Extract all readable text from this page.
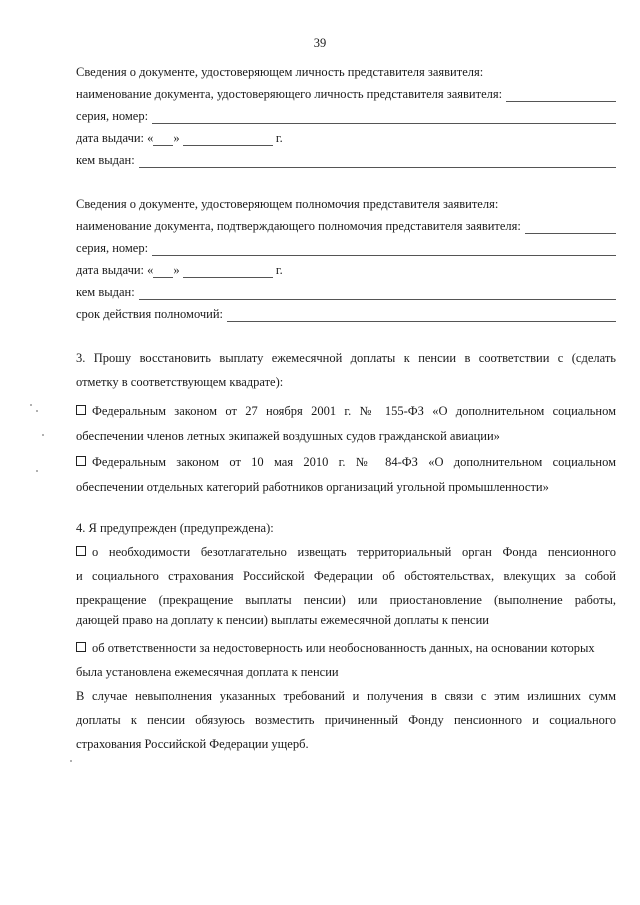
39
Сведения о документе, удостоверяющем личность представителя заявителя:
наименование документа, удостоверяющего личность представителя заявителя:
серия, номер:
дата выдачи: « »	г.
кем выдан:
Сведения о документе, удостоверяющем полномочия представителя заявителя:
наименование документа, подтверждающего полномочия представителя заявителя:
серия, номер:
дата выдачи: « »	г.
кем выдан:
срок действия полномочий:
3. Прошу восстановить выплату ежемесячной доплаты к пенсии в соответствии с (сделать
отметку в соответствующем квадрате):
Федеральным законом от 27 ноября 2001 г. № 155-ФЗ «О дополнительном социальном
обеспечении членов летных экипажей воздушных судов гражданской авиации»
Федеральным законом от 10 мая 2010 г. № 84-ФЗ «О дополнительном социальном
обеспечении отдельных категорий работников организаций угольной промышленности»
4. Я предупрежден (предупреждена):
о необходимости безотлагательно извещать территориальный орган Фонда пенсионного
и социального страхования Российской Федерации об обстоятельствах, влекущих за собой
прекращение (прекращение выплаты пенсии) или приостановление (выполнение работы,
дающей право на доплату к пенсии) выплаты ежемесячной доплаты к пенсии
об ответственности за недостоверность или необоснованность данных, на основании которых
была установлена ежемесячная доплата к пенсии
В случае невыполнения указанных требований и получения в связи с этим излишних сумм
доплаты к пенсии обязуюсь возместить причиненный Фонду пенсионного и социального
страхования Российской Федерации ущерб.
